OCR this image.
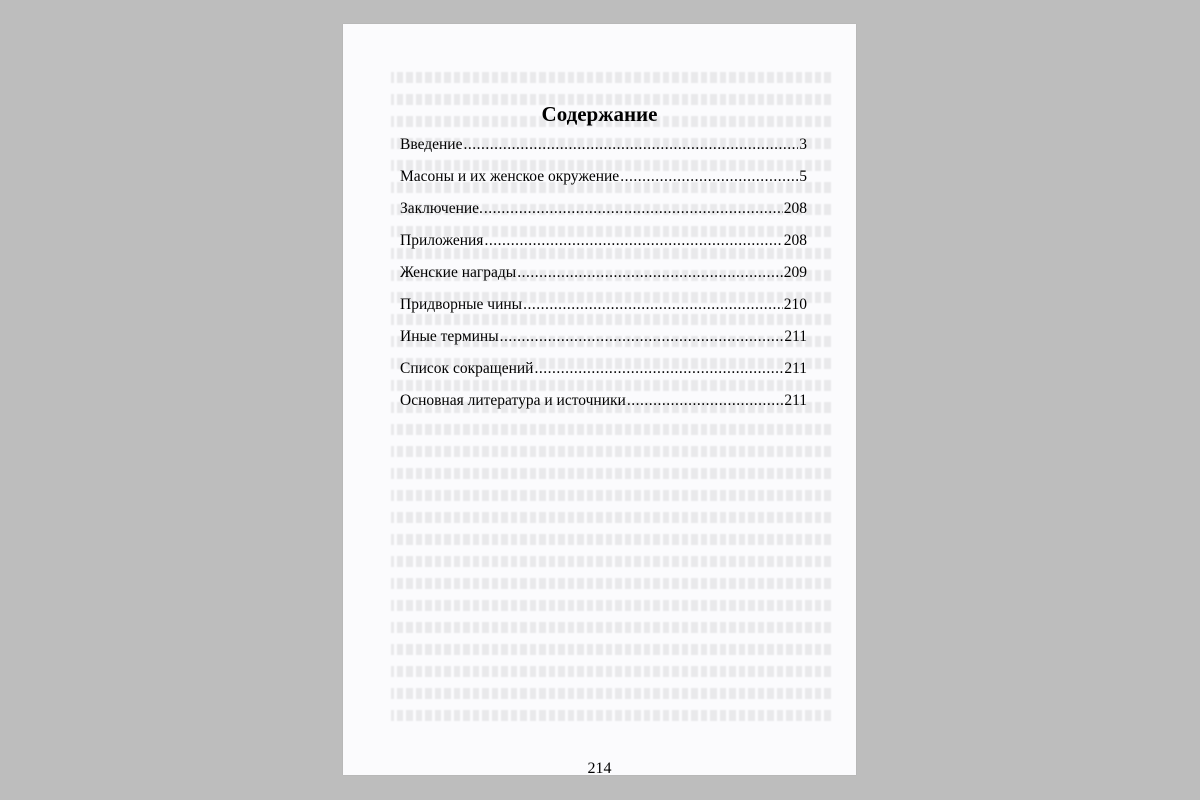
Содержание
Введение .....	3
Масоны и их женское окружение .....	5
Заключение. .....	208
Приложения .....	208
Женские награды .....	209
Придворные чины .....	210
Иные термины .....	211
Список сокращений .....	211
Основная литература и источники .....	211
214
